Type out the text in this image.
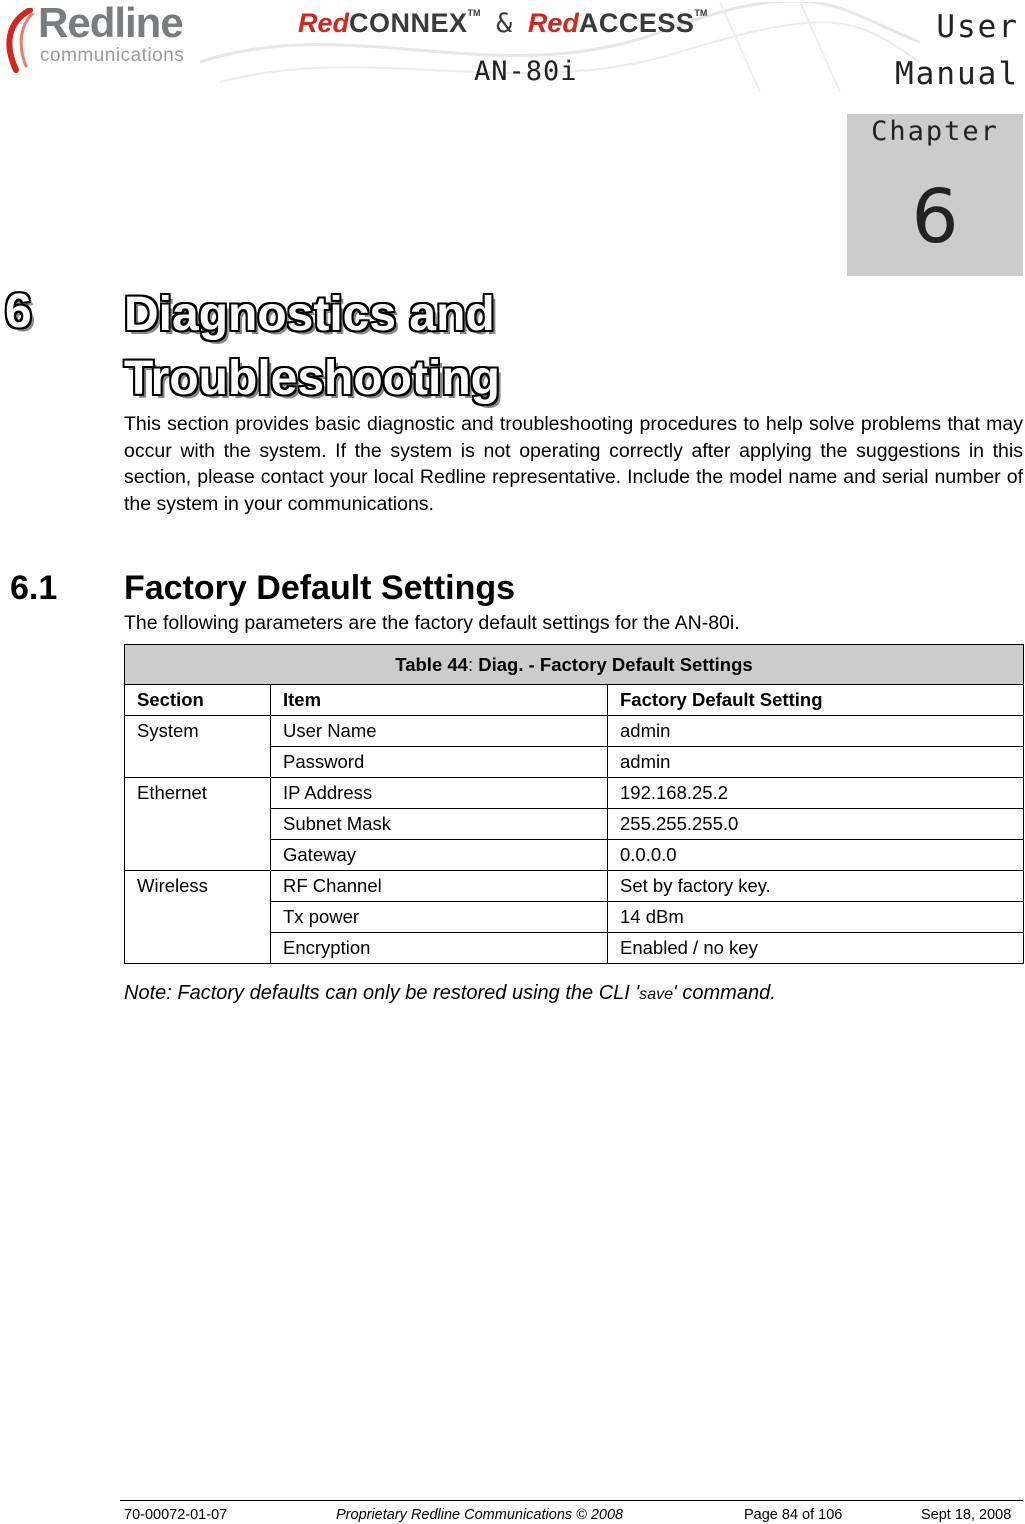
Redline
communications
RedCONNEX™ & RedACCESS™
AN-80i
User
Manual
Chapter
6
6 Diagnostics and
Troubleshooting

This section provides basic diagnostic and troubleshooting procedures to help solve problems that may occur with the system. If the system is not operating correctly after applying the suggestions in this section, please contact your local Redline representative. Include the model name and serial number of the system in your communications.

6.1 Factory Default Settings
The following parameters are the factory default settings for the AN-80i.
Table 44: Diag. - Factory Default Settings		
Section	Item	Factory Default Setting
System	User Name	admin
	Password	admin
Ethernet	IP Address	192.168.25.2
	Subnet Mask	255.255.255.0
	Gateway	0.0.0.0
Wireless	RF Channel	Set by factory key.
	Tx power	14 dBm
	Encryption	Enabled / no key
Note: Factory defaults can only be restored using the CLI 'save' command.
70-00072-01-07	Proprietary Redline Communications © 2008	Page 84 of 106	Sept 18, 2008
